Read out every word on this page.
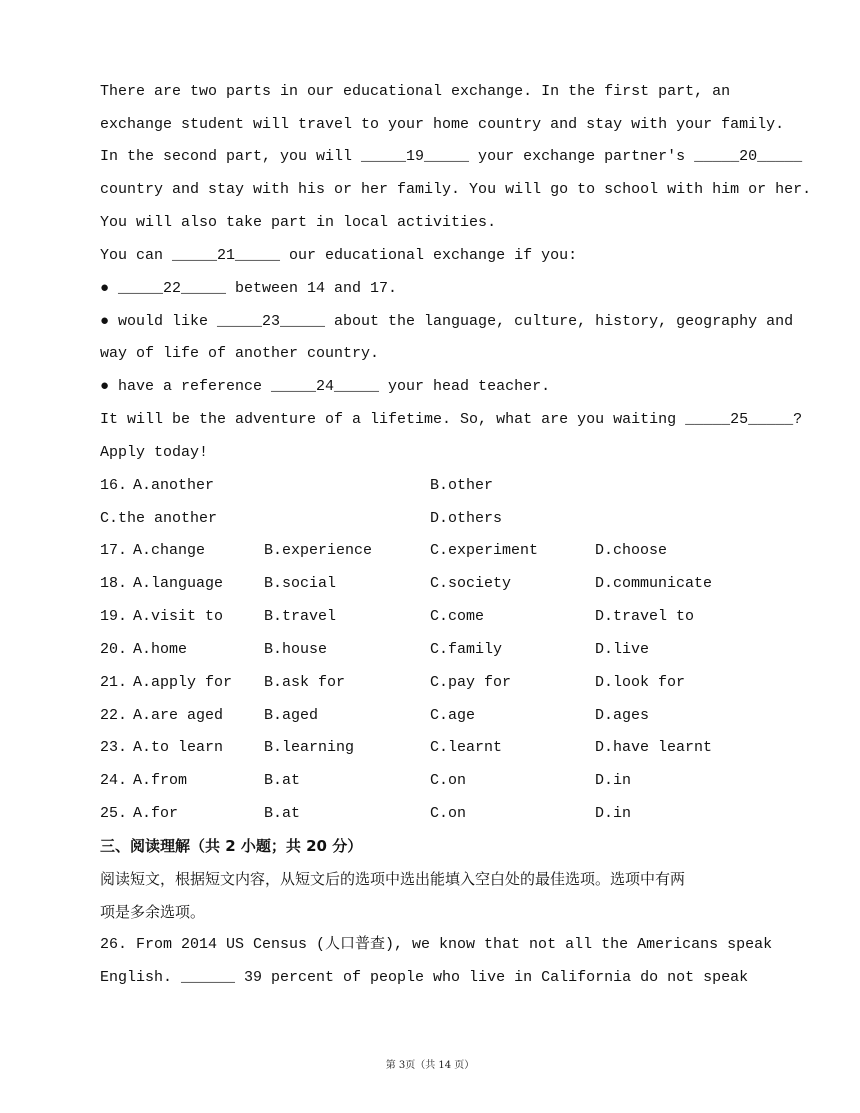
There are two parts in our educational exchange. In the first part, an
exchange student will travel to your home country and stay with your family.
In the second part, you will _____19_____ your exchange partner's _____20_____
country and stay with his or her family. You will go to school with him or her.
You will also take part in local activities.
You can _____21_____ our educational exchange if you:
● _____22_____ between 14 and 17.
● would like _____23_____ about the language, culture, history, geography and
way of life of another country.
● have a reference _____24_____ your head teacher.
It will be the adventure of a lifetime. So, what are you waiting _____25_____?
Apply today!
16. A.another	B.other
C.the another	D.others
17. A.change	B.experience	C.experiment	D.choose
18. A.language	B.social	C.society	D.communicate
19. A.visit to	B.travel	C.come	D.travel to
20. A.home	B.house	C.family	D.live
21. A.apply for B.ask for	C.pay for	D.look for
22. A.are aged	B.aged	C.age	D.ages
23. A.to learn	B.learning	C.learnt	D.have learnt
24. A.from	B.at	C.on	D.in
25. A.for	B.at	C.on	D.in
三、阅读理解（共 2 小题；共 20 分）
阅读短文，根据短文内容，从短文后的选项中选出能填入空白处的最佳选项。选项中有两
项是多余选项。
26. From 2014 US Census (人口普查), we know that not all the Americans speak
English. ______ 39 percent of people who live in California do not speak
第 3页（共 14 页）
